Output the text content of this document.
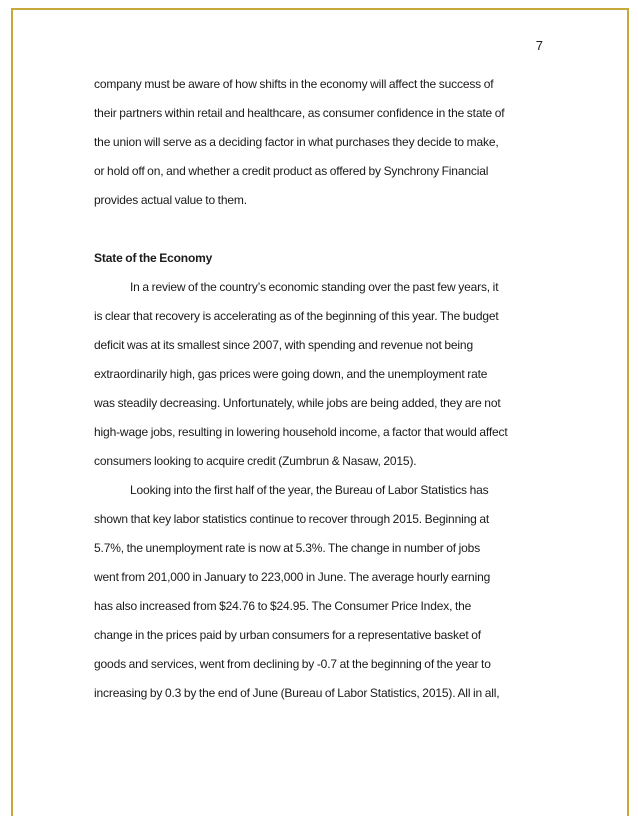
7

company must be aware of how shifts in the economy will affect the success of
their partners within retail and healthcare, as consumer confidence in the state of
the union will serve as a deciding factor in what purchases they decide to make,
or hold off on, and whether a credit product as offered by Synchrony Financial
provides actual value to them.

State of the Economy

In a review of the country’s economic standing over the past few years, it
is clear that recovery is accelerating as of the beginning of this year. The budget
deficit was at its smallest since 2007, with spending and revenue not being
extraordinarily high, gas prices were going down, and the unemployment rate
was steadily decreasing. Unfortunately, while jobs are being added, they are not
high-wage jobs, resulting in lowering household income, a factor that would affect
consumers looking to acquire credit (Zumbrun & Nasaw, 2015).

Looking into the first half of the year, the Bureau of Labor Statistics has
shown that key labor statistics continue to recover through 2015. Beginning at
5.7%, the unemployment rate is now at 5.3%. The change in number of jobs
went from 201,000 in January to 223,000 in June. The average hourly earning
has also increased from $24.76 to $24.95. The Consumer Price Index, the
change in the prices paid by urban consumers for a representative basket of
goods and services, went from declining by -0.7 at the beginning of the year to
increasing by 0.3 by the end of June (Bureau of Labor Statistics, 2015). All in all,
